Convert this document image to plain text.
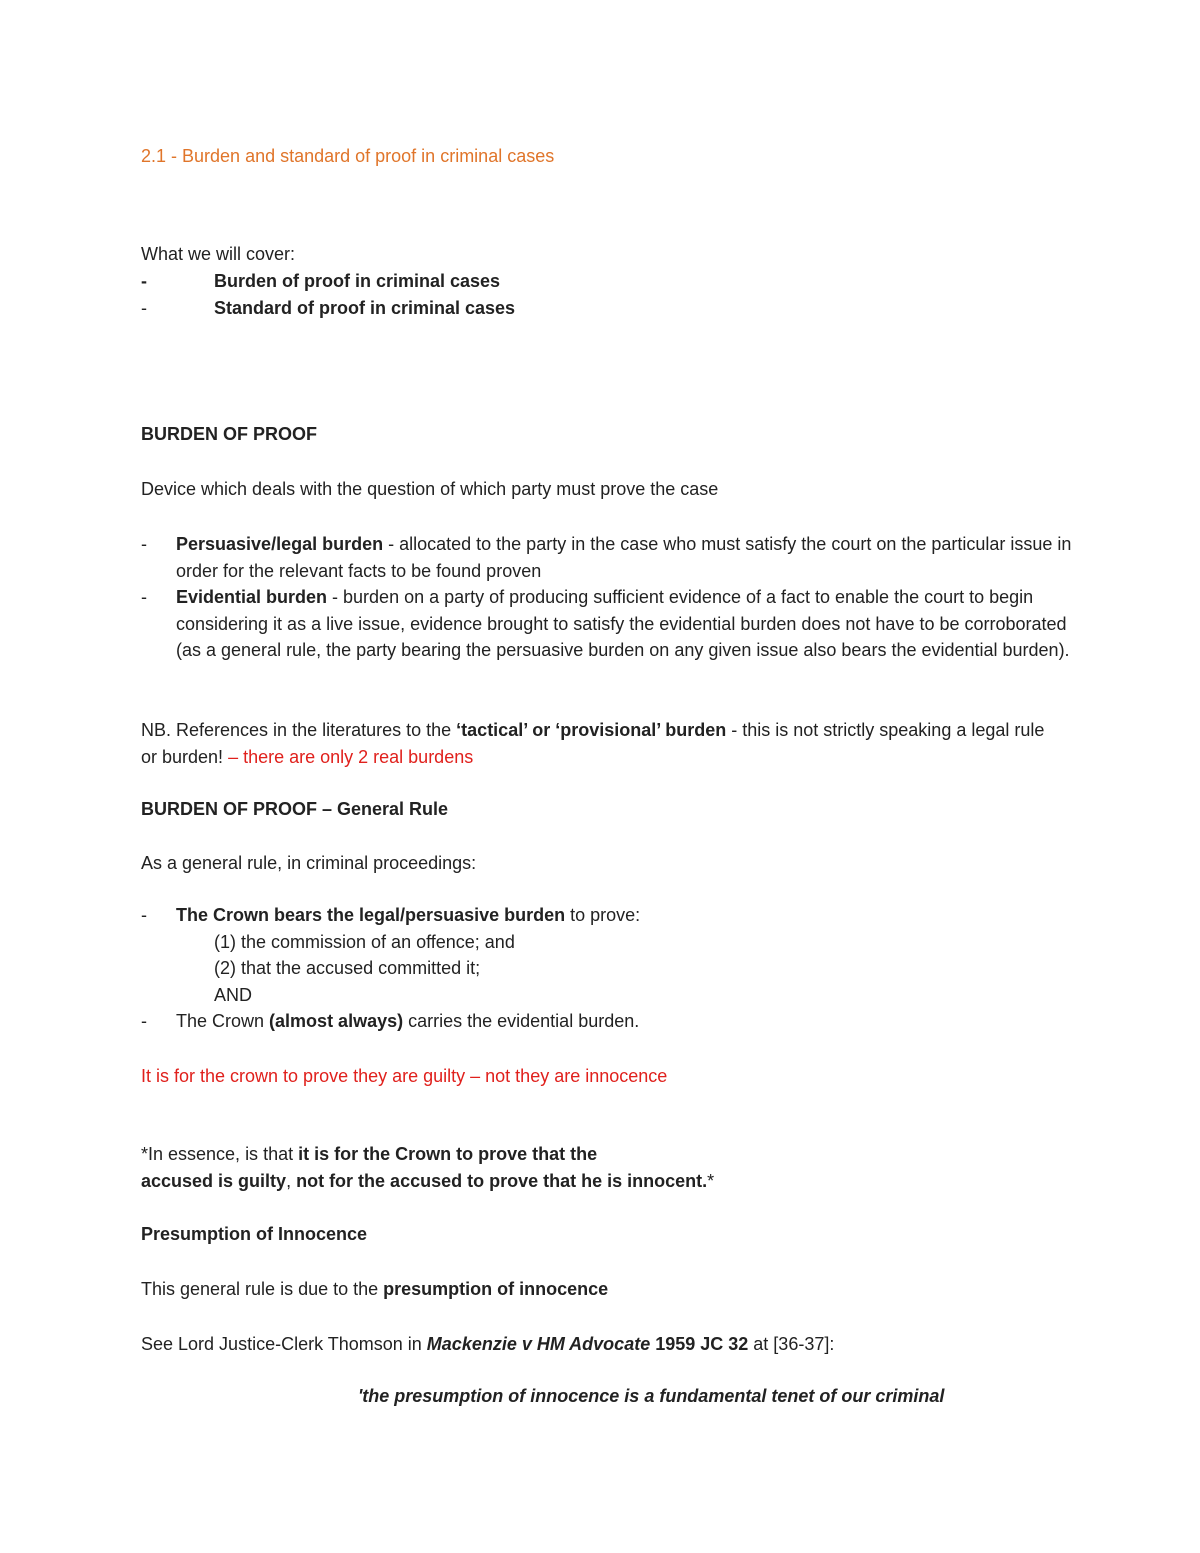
2.1 - Burden and standard of proof in criminal cases
What we will cover:
-	Burden of proof in criminal cases
-	Standard of proof in criminal cases
BURDEN OF PROOF
Device which deals with the question of which party must prove the case
-	Persuasive/legal burden - allocated to the party in the case who must satisfy the court on the particular issue in order for the relevant facts to be found proven
-	Evidential burden - burden on a party of producing sufficient evidence of a fact to enable the court to begin considering it as a live issue, evidence brought to satisfy the evidential burden does not have to be corroborated (as a general rule, the party bearing the persuasive burden on any given issue also bears the evidential burden).
NB. References in the literatures to the ‘tactical’ or ‘provisional’ burden - this is not strictly speaking a legal rule or burden! – there are only 2 real burdens
BURDEN OF PROOF – General Rule
As a general rule, in criminal proceedings:
-	The Crown bears the legal/persuasive burden to prove:
(1) the commission of an offence; and
(2) that the accused committed it;
AND
-	The Crown (almost always) carries the evidential burden.
It is for the crown to prove they are guilty – not they are innocence
*In essence, is that it is for the Crown to prove that the
accused is guilty, not for the accused to prove that he is innocent.*
Presumption of Innocence
This general rule is due to the presumption of innocence
See Lord Justice-Clerk Thomson in Mackenzie v HM Advocate 1959 JC 32 at [36-37]:
'the presumption of innocence is a fundamental tenet of our criminal
